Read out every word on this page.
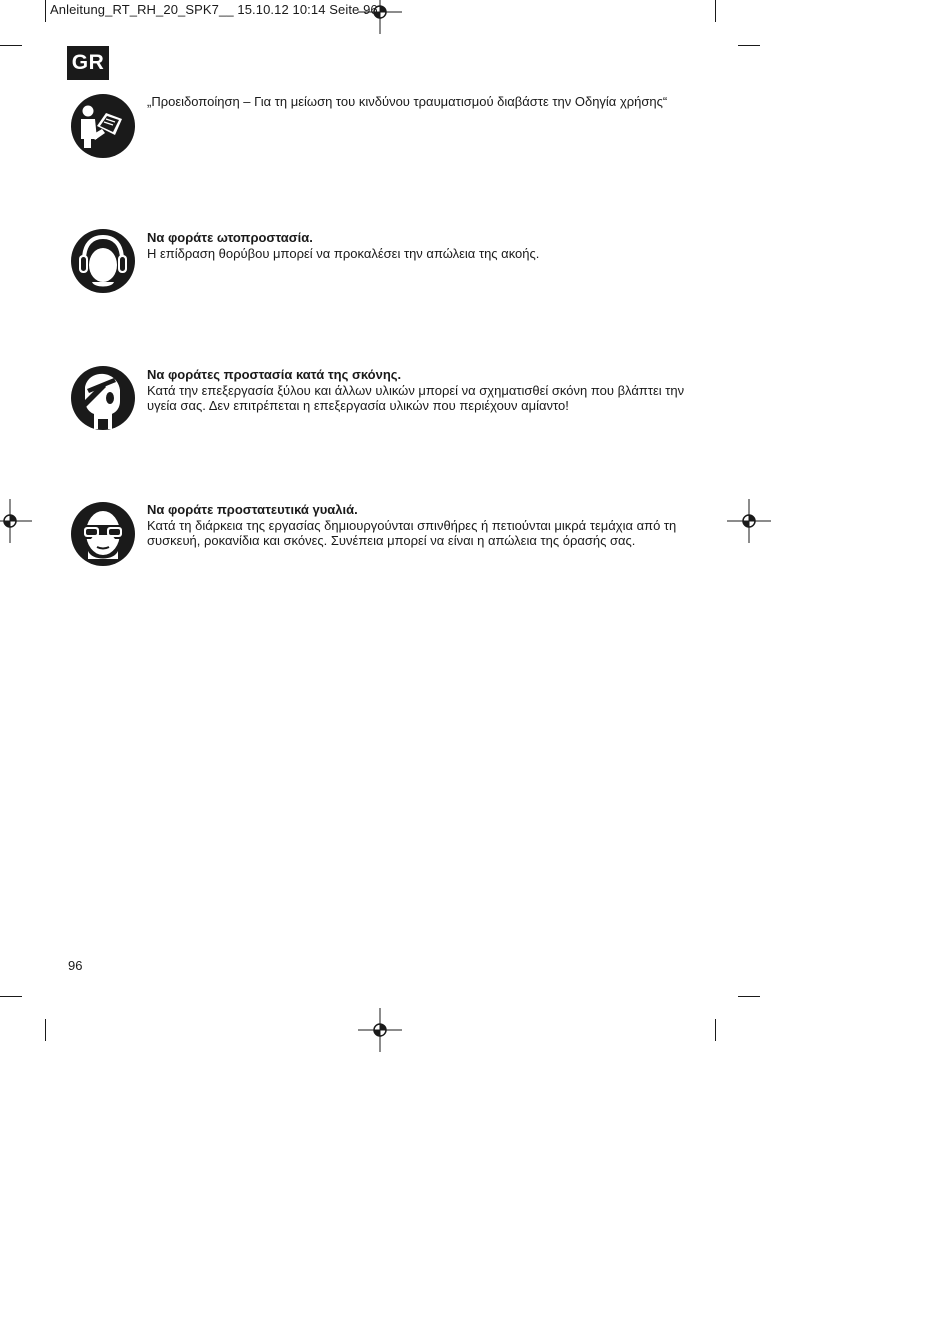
Anleitung_RT_RH_20_SPK7__ 15.10.12 10:14 Seite 96
GR
„Προειδοποίηση – Για τη μείωση του κινδύνου τραυματισμού διαβάστε την Οδηγία χρήσης“
Να φοράτε ωτοπροστασία.
Η επίδραση θορύβου μπορεί να προκαλέσει την απώλεια της ακοής.
Να φοράτες προστασία κατά της σκόνης.
Κατά την επεξεργασία ξύλου και άλλων υλικών μπορεί να σχηματισθεί σκόνη που βλάπτει την υγεία σας. Δεν επιτρέπεται η επεξεργασία υλικών που περιέχουν αμίαντο!
Να φοράτε προστατευτικά γυαλιά.
Κατά τη διάρκεια της εργασίας δημιουργούνται σπινθήρες ή πετιούνται μικρά τεμάχια από τη συσκευή, ροκανίδια και σκόνες. Συνέπεια μπορεί να είναι η απώλεια της όρασής σας.
96
